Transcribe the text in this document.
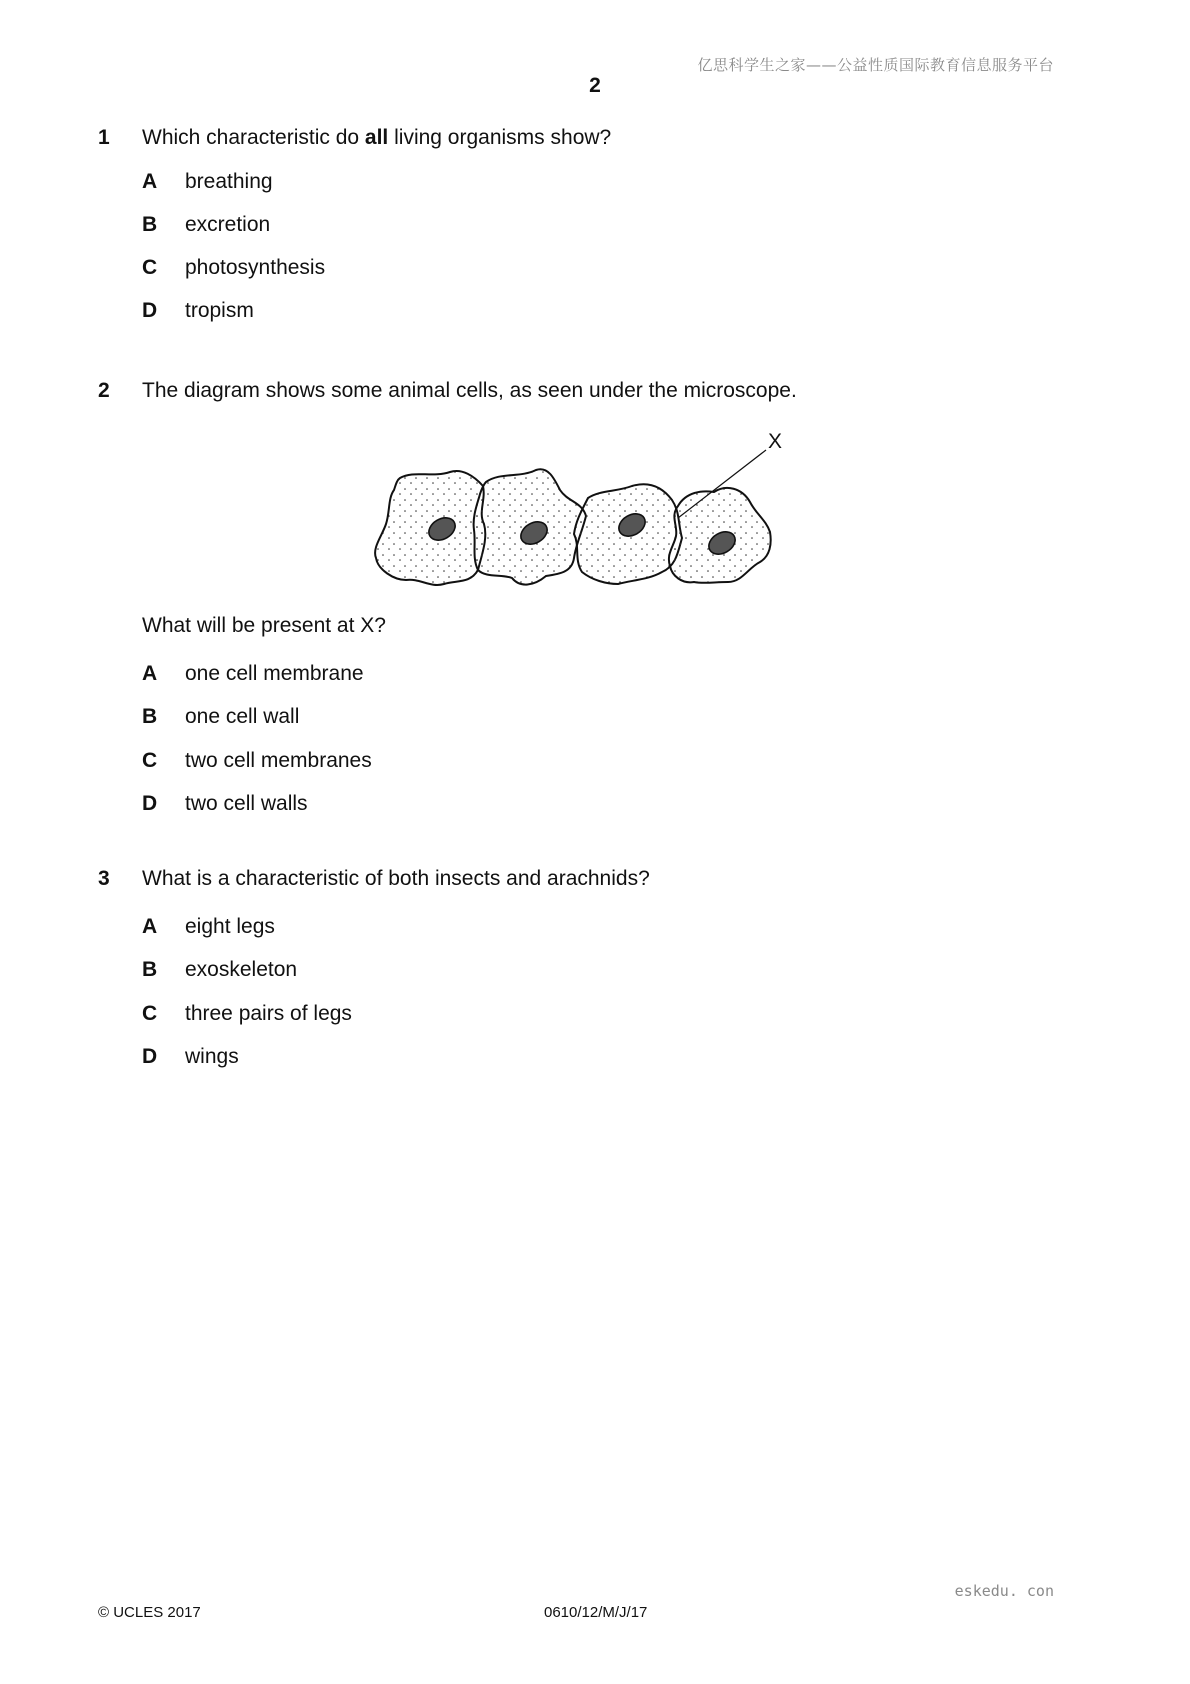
亿思科学生之家——公益性质国际教育信息服务平台
2
1 Which characteristic do all living organisms show?
A breathing
B excretion
C photosynthesis
D tropism
2 The diagram shows some animal cells, as seen under the microscope.
X
What will be present at X?
A one cell membrane
B one cell wall
C two cell membranes
D two cell walls
3 What is a characteristic of both insects and arachnids?
A eight legs
B exoskeleton
C three pairs of legs
D wings
eskedu. con
© UCLES 2017	0610/12/M/J/17
